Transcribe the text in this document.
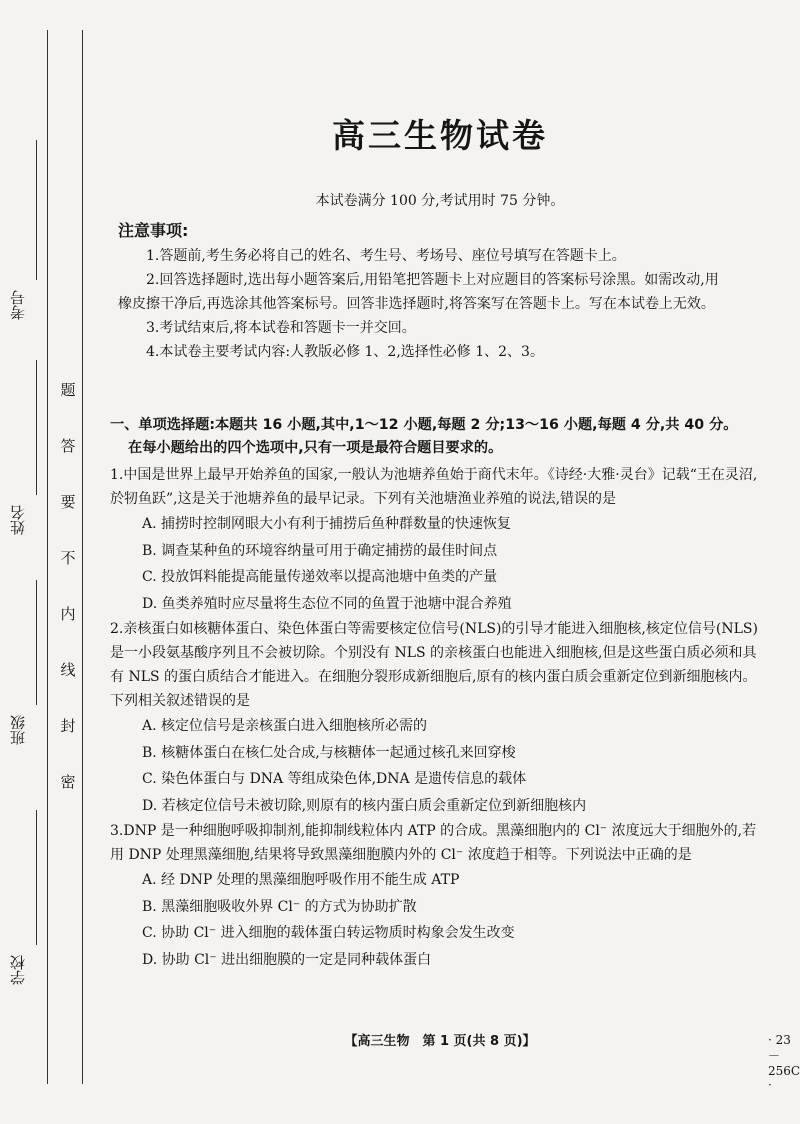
考号
姓名
班级
学校
题
答
要
不
内
线
封
密
高三生物试卷
本试卷满分 100 分,考试用时 75 分钟。
注意事项:

1.答题前,考生务必将自己的姓名、考生号、考场号、座位号填写在答题卡上。

2.回答选择题时,选出每小题答案后,用铅笔把答题卡上对应题目的答案标号涂黑。如需改动,用橡皮擦干净后,再选涂其他答案标号。回答非选择题时,将答案写在答题卡上。写在本试卷上无效。

3.考试结束后,将本试卷和答题卡一并交回。

4.本试卷主要考试内容:人教版必修 1、2,选择性必修 1、2、3。

一、单项选择题:本题共 16 小题,其中,1～12 小题,每题 2 分;13～16 小题,每题 4 分,共 40 分。
在每小题给出的四个选项中,只有一项是最符合题目要求的。

1.中国是世界上最早开始养鱼的国家,一般认为池塘养鱼始于商代末年。《诗经·大雅·灵台》记载“王在灵沼,於牣鱼跃”,这是关于池塘养鱼的最早记录。下列有关池塘渔业养殖的说法,错误的是

A. 捕捞时控制网眼大小有利于捕捞后鱼种群数量的快速恢复

B. 调查某种鱼的环境容纳量可用于确定捕捞的最佳时间点

C. 投放饵料能提高能量传递效率以提高池塘中鱼类的产量

D. 鱼类养殖时应尽量将生态位不同的鱼置于池塘中混合养殖

2.亲核蛋白如核糖体蛋白、染色体蛋白等需要核定位信号(NLS)的引导才能进入细胞核,核定位信号(NLS)是一小段氨基酸序列且不会被切除。个别没有 NLS 的亲核蛋白也能进入细胞核,但是这些蛋白质必须和具有 NLS 的蛋白质结合才能进入。在细胞分裂形成新细胞后,原有的核内蛋白质会重新定位到新细胞核内。下列相关叙述错误的是

A. 核定位信号是亲核蛋白进入细胞核所必需的

B. 核糖体蛋白在核仁处合成,与核糖体一起通过核孔来回穿梭

C. 染色体蛋白与 DNA 等组成染色体,DNA 是遗传信息的载体

D. 若核定位信号未被切除,则原有的核内蛋白质会重新定位到新细胞核内

3.DNP 是一种细胞呼吸抑制剂,能抑制线粒体内 ATP 的合成。黑藻细胞内的 Cl⁻ 浓度远大于细胞外的,若用 DNP 处理黑藻细胞,结果将导致黑藻细胞膜内外的 Cl⁻ 浓度趋于相等。下列说法中正确的是

A. 经 DNP 处理的黑藻细胞呼吸作用不能生成 ATP

B. 黑藻细胞吸收外界 Cl⁻ 的方式为协助扩散

C. 协助 Cl⁻ 进入细胞的载体蛋白转运物质时构象会发生改变

D. 协助 Cl⁻ 进出细胞膜的一定是同种载体蛋白

【高三生物　第 1 页(共 8 页)】	· 23－256C ·
